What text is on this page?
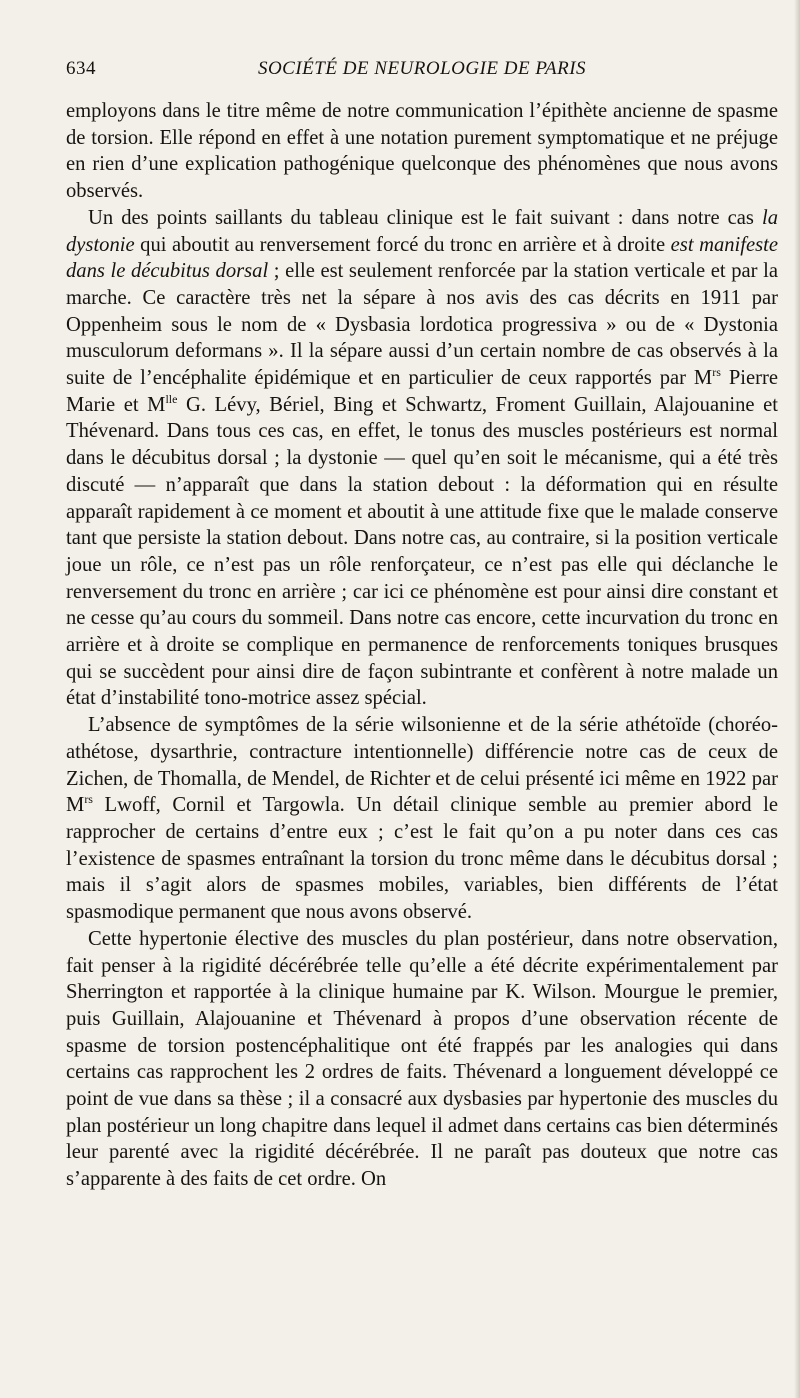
634	SOCIÉTÉ DE NEUROLOGIE DE PARIS

employons dans le titre même de notre communication l’épithète ancienne de spasme de torsion. Elle répond en effet à une notation purement symptomatique et ne préjuge en rien d’une explication pathogénique quelconque des phénomènes que nous avons observés.

Un des points saillants du tableau clinique est le fait suivant : dans notre cas la dystonie qui aboutit au renversement forcé du tronc en arrière et à droite est manifeste dans le décubitus dorsal ; elle est seulement renforcée par la station verticale et par la marche. Ce caractère très net la sépare à nos avis des cas décrits en 1911 par Oppenheim sous le nom de « Dysbasia lordotica progressiva » ou de « Dystonia musculorum deformans ». Il la sépare aussi d’un certain nombre de cas observés à la suite de l’encéphalite épidémique et en particulier de ceux rapportés par $M^{rs}$ Pierre Marie et $M^{lle}$ G. Lévy, Bériel, Bing et Schwartz, Froment Guillain, Alajouanine et Thévenard. Dans tous ces cas, en effet, le tonus des muscles postérieurs est normal dans le décubitus dorsal ; la dystonie — quel qu’en soit le mécanisme, qui a été très discuté — n’apparaît que dans la station debout : la déformation qui en résulte apparaît rapidement à ce moment et aboutit à une attitude fixe que le malade conserve tant que persiste la station debout. Dans notre cas, au contraire, si la position verticale joue un rôle, ce n’est pas un rôle renforçateur, ce n’est pas elle qui déclanche le renversement du tronc en arrière ; car ici ce phénomène est pour ainsi dire constant et ne cesse qu’au cours du sommeil. Dans notre cas encore, cette incurvation du tronc en arrière et à droite se complique en permanence de renforcements toniques brusques qui se succèdent pour ainsi dire de façon subintrante et confèrent à notre malade un état d’instabilité tono-motrice assez spécial.

L’absence de symptômes de la série wilsonienne et de la série athétoïde (choréo-athétose, dysarthrie, contracture intentionnelle) différencie notre cas de ceux de Zichen, de Thomalla, de Mendel, de Richter et de celui présenté ici même en 1922 par $M^{rs}$ Lwoff, Cornil et Targowla. Un détail clinique semble au premier abord le rapprocher de certains d’entre eux ; c’est le fait qu’on a pu noter dans ces cas l’existence de spasmes entraînant la torsion du tronc même dans le décubitus dorsal ; mais il s’agit alors de spasmes mobiles, variables, bien différents de l’état spasmodique permanent que nous avons observé.

Cette hypertonie élective des muscles du plan postérieur, dans notre observation, fait penser à la rigidité décérébrée telle qu’elle a été décrite expérimentalement par Sherrington et rapportée à la clinique humaine par K. Wilson. Mourgue le premier, puis Guillain, Alajouanine et Thévenard à propos d’une observation récente de spasme de torsion postencéphalitique ont été frappés par les analogies qui dans certains cas rapprochent les 2 ordres de faits. Thévenard a longuement développé ce point de vue dans sa thèse ; il a consacré aux dysbasies par hypertonie des muscles du plan postérieur un long chapitre dans lequel il admet dans certains cas bien déterminés leur parenté avec la rigidité décérébrée. Il ne paraît pas douteux que notre cas s’apparente à des faits de cet ordre. On
